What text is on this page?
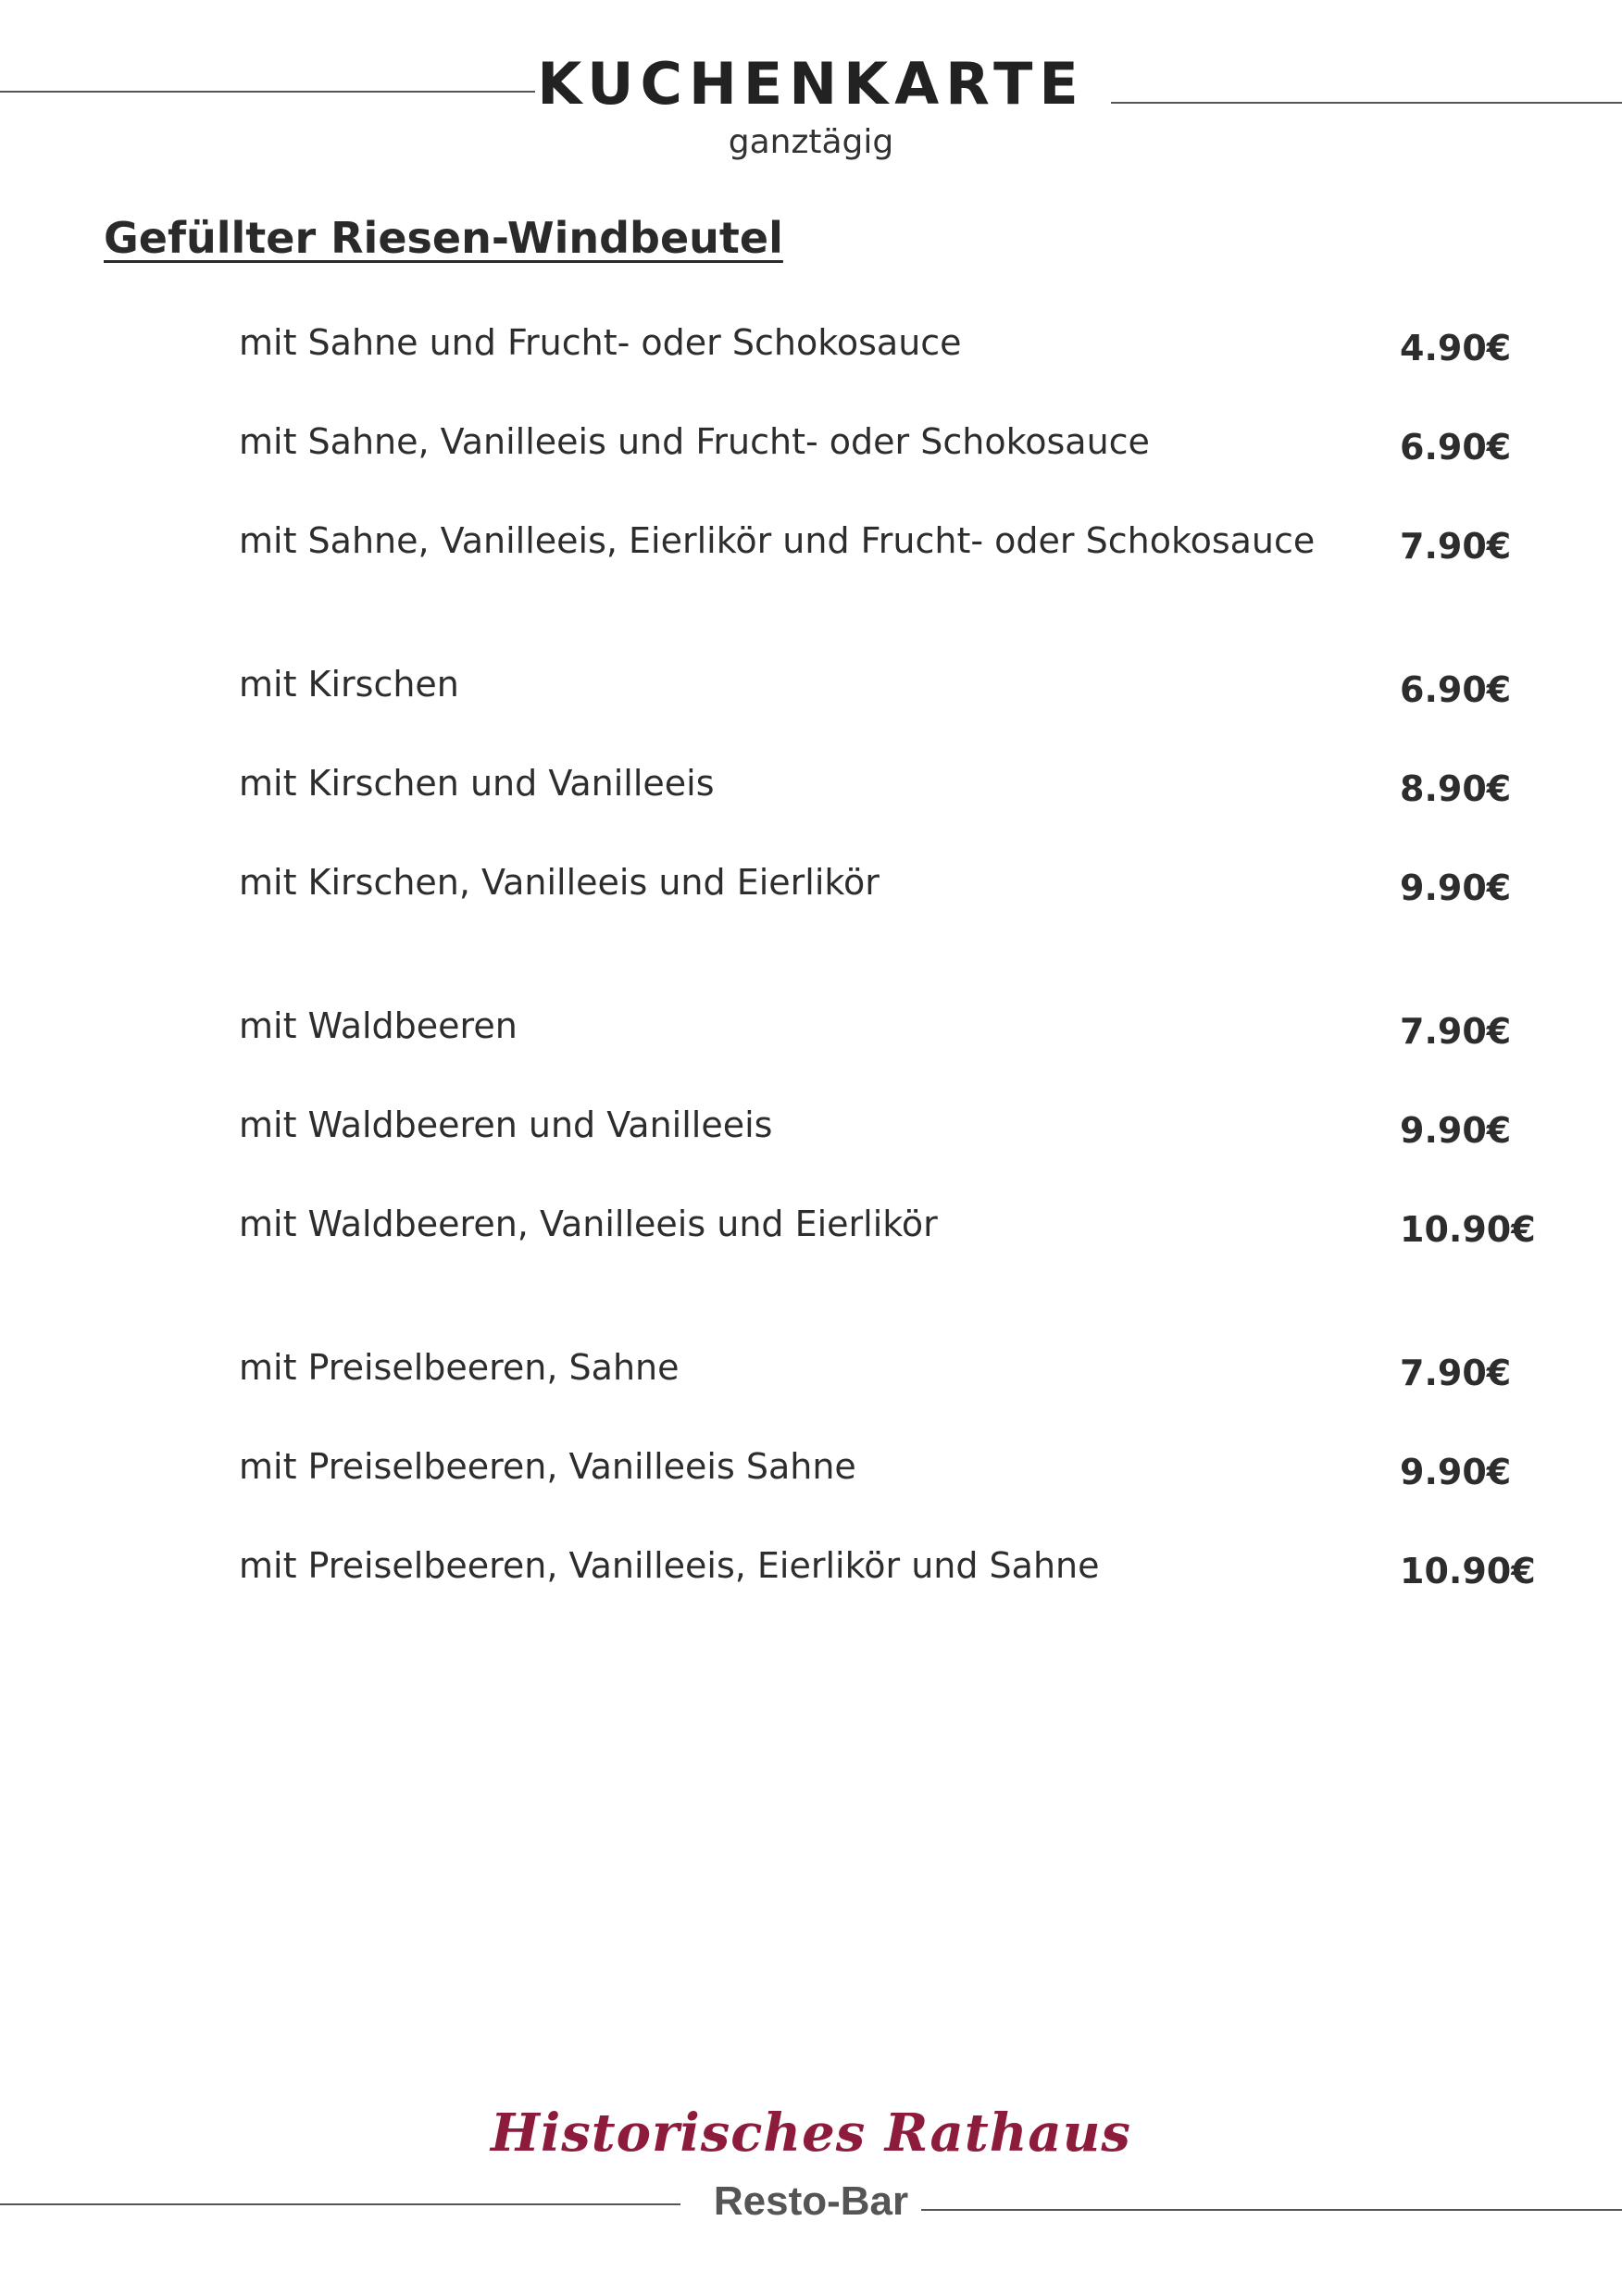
KUCHENKARTE
ganztägig
Gefüllter Riesen-Windbeutel
mit Sahne und Frucht- oder Schokosauce	4.90€
mit Sahne, Vanilleeis und Frucht- oder Schokosauce	6.90€
mit Sahne, Vanilleeis, Eierlikör und Frucht- oder Schokosauce 7.90€
mit Kirschen	6.90€
mit Kirschen und Vanilleeis	8.90€
mit Kirschen, Vanilleeis und Eierlikör	9.90€
mit Waldbeeren	7.90€
mit Waldbeeren und Vanilleeis	9.90€
mit Waldbeeren, Vanilleeis und Eierlikör	10.90€
mit Preiselbeeren, Sahne	7.90€
mit Preiselbeeren, Vanilleeis Sahne	9.90€
mit Preiselbeeren, Vanilleeis, Eierlikör und Sahne	10.90€
Historisches Rathaus
Resto-Bar
